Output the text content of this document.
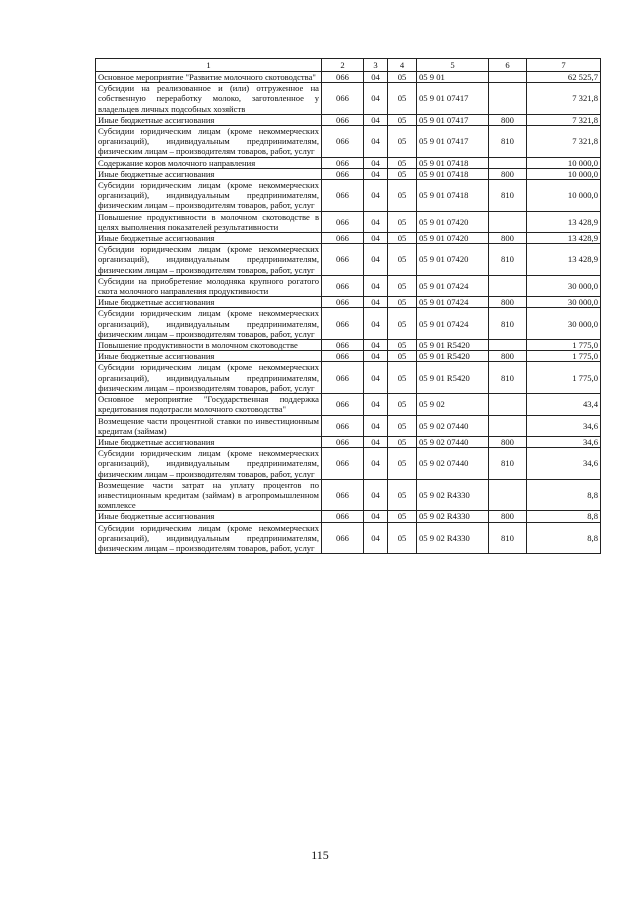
1	2	3	4	5	6	7
Основное мероприятие "Развитие молочного скотоводства"	066	04	05	05 9 01		62 525,7
Субсидии на реализованное и (или) отгруженное на собственную переработку молоко, заготовленное у владельцев личных подсобных хозяйств	066	04	05	05 9 01 07417		7 321,8
Иные бюджетные ассигнования	066	04	05	05 9 01 07417	800	7 321,8
Субсидии юридическим лицам (кроме некоммерческих организаций), индивидуальным предпринимателям, физическим лицам – производителям товаров, работ, услуг	066	04	05	05 9 01 07417	810	7 321,8
Содержание коров молочного направления	066	04	05	05 9 01 07418		10 000,0
Иные бюджетные ассигнования	066	04	05	05 9 01 07418	800	10 000,0
Субсидии юридическим лицам (кроме некоммерческих организаций), индивидуальным предпринимателям, физическим лицам – производителям товаров, работ, услуг	066	04	05	05 9 01 07418	810	10 000,0
Повышение продуктивности в молочном скотоводстве в целях выполнения показателей результативности	066	04	05	05 9 01 07420		13 428,9
Иные бюджетные ассигнования	066	04	05	05 9 01 07420	800	13 428,9
Субсидии юридическим лицам (кроме некоммерческих организаций), индивидуальным предпринимателям, физическим лицам – производителям товаров, работ, услуг	066	04	05	05 9 01 07420	810	13 428,9
Субсидии на приобретение молодняка крупного рогатого скота молочного направления продуктивности	066	04	05	05 9 01 07424		30 000,0
Иные бюджетные ассигнования	066	04	05	05 9 01 07424	800	30 000,0
Субсидии юридическим лицам (кроме некоммерческих организаций), индивидуальным предпринимателям, физическим лицам – производителям товаров, работ, услуг	066	04	05	05 9 01 07424	810	30 000,0
Повышение продуктивности в молочном скотоводстве	066	04	05	05 9 01 R5420		1 775,0
Иные бюджетные ассигнования	066	04	05	05 9 01 R5420	800	1 775,0
Субсидии юридическим лицам (кроме некоммерческих организаций), индивидуальным предпринимателям, физическим лицам – производителям товаров, работ, услуг	066	04	05	05 9 01 R5420	810	1 775,0
Основное мероприятие "Государственная поддержка кредитования подотрасли молочного скотоводства"	066	04	05	05 9 02		43,4
Возмещение части процентной ставки по инвестиционным кредитам (займам)	066	04	05	05 9 02 07440		34,6
Иные бюджетные ассигнования	066	04	05	05 9 02 07440	800	34,6
Субсидии юридическим лицам (кроме некоммерческих организаций), индивидуальным предпринимателям, физическим лицам – производителям товаров, работ, услуг	066	04	05	05 9 02 07440	810	34,6
Возмещение части затрат на уплату процентов по инвестиционным кредитам (займам) в агропромышленном комплексе	066	04	05	05 9 02 R4330		8,8
Иные бюджетные ассигнования	066	04	05	05 9 02 R4330	800	8,8
Субсидии юридическим лицам (кроме некоммерческих организаций), индивидуальным предпринимателям, физическим лицам – производителям товаров, работ, услуг	066	04	05	05 9 02 R4330	810	8,8
115
